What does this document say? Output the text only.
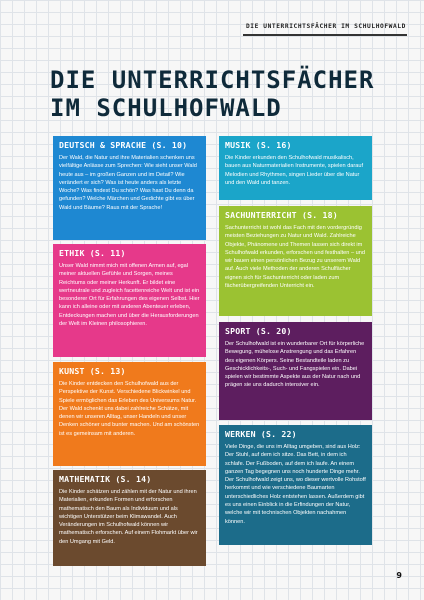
DIE UNTERRICHTSFÄCHER IM SCHULHOFWALD
DIE UNTERRICHTSFÄCHER
IM SCHULHOFWALD
DEUTSCH & SPRACHE (S. 10)

Der Wald, die Natur und ihre Materialien schenken uns vielfältige Anlässe zum Sprechen: Wie sieht unser Wald heute aus – im großen Ganzen und im Detail? Wie verändert er sich? Was ist heute anders als letzte Woche? Was findest Du schön? Was hast Du denn da gefunden? Welche Märchen und Gedichte gibt es über Wald und Bäume? Raus mit der Sprache!

ETHIK (S. 11)

Unser Wald nimmt mich mit offenen Armen auf, egal meiner aktuellen Gefühle und Sorgen, meines Reichtums oder meiner Herkunft. Er bildet eine wertneutrale und zugleich facettenreiche Welt und ist ein besonderer Ort für Erfahrungen des eigenen Selbst. Hier kann ich alleine oder mit anderen Abenteuer erleben, Entdeckungen machen und über die Herausforderungen der Welt im Kleinen philosophieren.

KUNST (S. 13)

Die Kinder entdecken den Schulhofwald aus der Perspektive der Kunst. Verschiedene Blickwinkel und Spiele ermöglichen das Erleben des Universums Natur. Der Wald schenkt uns dabei zahlreiche Schätze, mit denen wir unseren Alltag, unser Handeln und unser Denken schöner und bunter machen. Und am schönsten ist es gemeinsam mit anderen.

MATHEMATIK (S. 14)

Die Kinder schätzen und zählen mit der Natur und ihren Materialien, erkunden Formen und erforschen mathematisch den Baum als Individuum und als wichtigen Unterstützer beim Klimawandel. Auch Veränderungen im Schulhofwald können wir mathematisch erforschen. Auf einem Flohmarkt über wir den Umgang mit Geld.

MUSIK (S. 16)

Die Kinder erkunden den Schulhofwald musikalisch, bauen aus Naturmaterialien Instrumente, spielen darauf Melodien und Rhythmen, singen Lieder über die Natur und den Wald und tanzen.

SACHUNTERRICHT (S. 18)

Sachunterricht ist wohl das Fach mit den vordergründig meisten Beziehungen zu Natur und Wald. Zahlreiche Objekte, Phänomene und Themen lassen sich direkt im Schulhofwald erkunden, erforschen und festhalten – und wir bauen einen persönlichen Bezug zu unserem Wald auf. Auch viele Methoden der anderen Schulfächer eignen sich für Sachunterricht oder laden zum fächerübergreifenden Unterricht ein.

SPORT (S. 20)

Der Schulhofwald ist ein wunderbarer Ort für körperliche Bewegung, mühelose Anstrengung und das Erfahren des eigenen Körpers. Seine Bestandteile laden zu Geschicklichkeits-, Such- und Fangspielen ein. Dabei spielen wir bestimmte Aspekte aus der Natur nach und prägen sie uns dadurch intensiver ein.

WERKEN (S. 22)

Viele Dinge, die uns im Alltag umgeben, sind aus Holz: Der Stuhl, auf dem ich sitze. Das Bett, in dem ich schlafe. Der Fußboden, auf dem ich laufe. An einem ganzen Tag begegnen uns noch hunderte Dinge mehr. Der Schulhofwald zeigt uns, wo dieser wertvolle Rohstoff herkommt und wie verschiedene Baumarten unterschiedliches Holz entstehen lassen. Außerdem gibt es uns einen Einblick in die Erfindungen der Natur, welche wir mit technischen Objekten nachahmen können.

9
